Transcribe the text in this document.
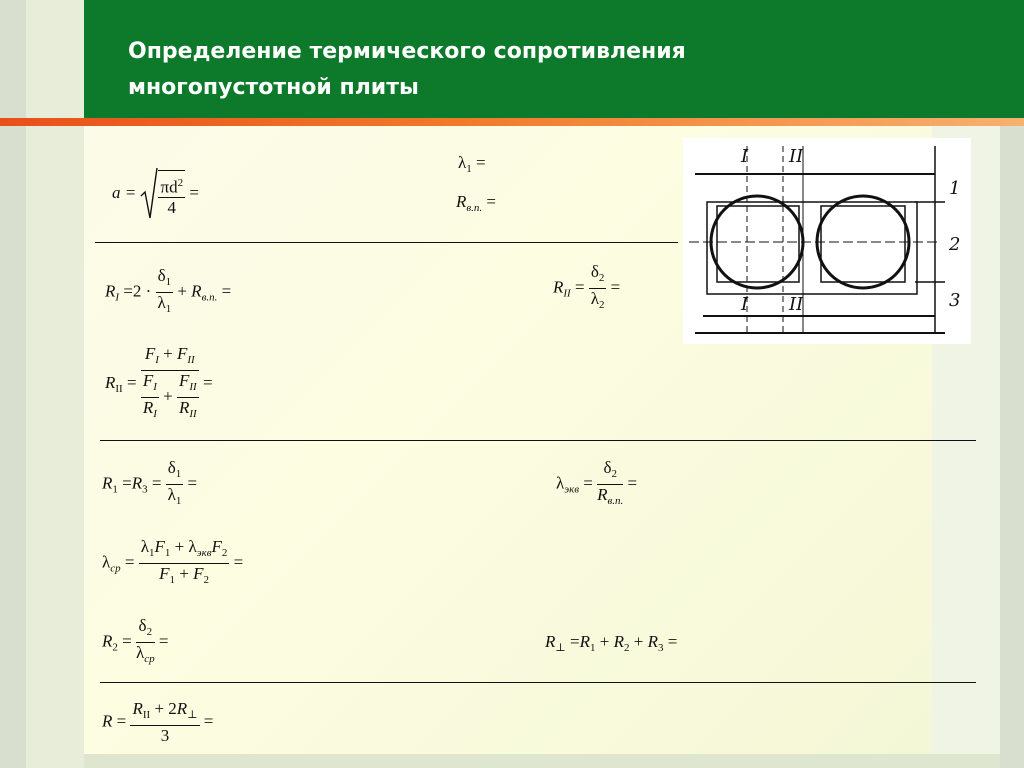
Определение термического сопротивления
многопустотной плиты
$a = \frac{\pi d^2}{4}$ =
$\lambda_1$ =
$R_{в.п.}$ =
$R_I =2 \cdot \frac{\delta_1}{\lambda_1} + R_{в.п.}$ =	$R_{II} = \frac{\delta_2}{\lambda_2}$ =
$R_{II} = \frac{F_I + F_{II}}{\frac{F_I}{R_I} + \frac{F_{II}}{R_{II}}}$ =
$R_1 =R_3 = \frac{\delta_1}{\lambda_1}$ =	$\lambda_{экв} = \frac{\delta_2}{R_{в.п.}}$ =
$\lambda_{ср} = \frac{\lambda_1F_1 + \lambda_{экв}F_2}{F_1 + F_2}$ =
$R_2 = \frac{\delta_2}{\lambda_{ср}}$ =	$R_\perp =R_1 + R_2 + R_3$ =
$R = \frac{R_{II} + 2R_\perp}{3}$ =
I II
1
2
3
I II
